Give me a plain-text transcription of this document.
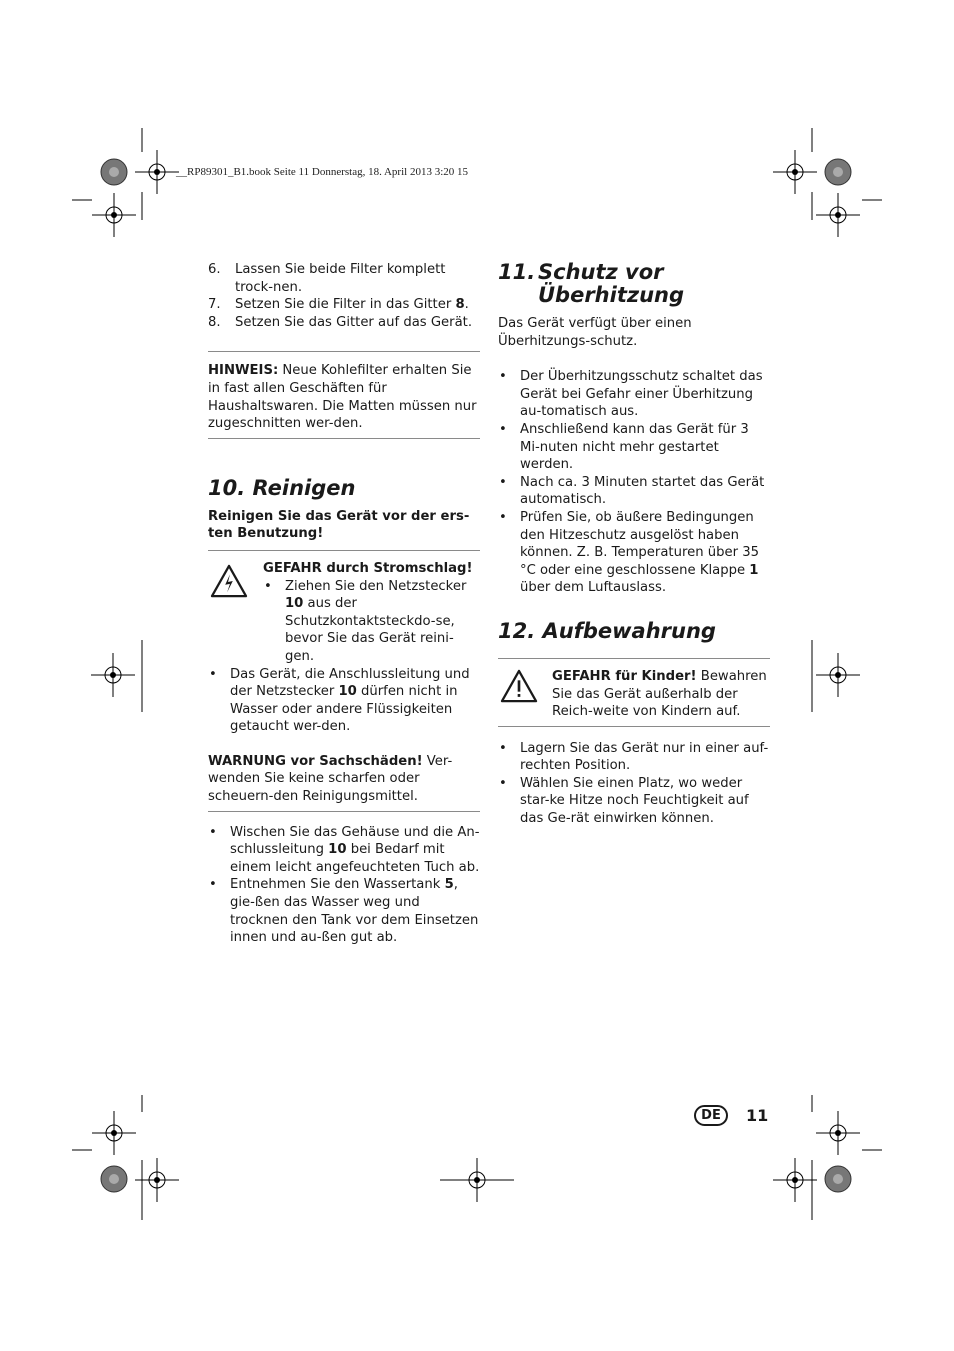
__RP89301_B1.book Seite 11 Donnerstag, 18. April 2013 3:20 15
6. Lassen Sie beide Filter komplett trock-nen.
7. Setzen Sie die Filter in das Gitter 8.
8. Setzen Sie das Gitter auf das Gerät.

HINWEIS: Neue Kohlefilter erhalten Sie in fast allen Geschäften für Haushaltswaren. Die Matten müssen nur zugeschnitten wer-den.

10. Reinigen

Reinigen Sie das Gerät vor der ers-ten Benutzung!

GEFAHR durch Stromschlag!
• Ziehen Sie den Netzstecker 10 aus der Schutzkontaktsteckdo-se, bevor Sie das Gerät reini-gen.
• Das Gerät, die Anschlussleitung und der Netzstecker 10 dürfen nicht in Wasser oder andere Flüssigkeiten getaucht wer-den.

WARNUNG vor Sachschäden! Ver-wenden Sie keine scharfen oder scheuern-den Reinigungsmittel.

• Wischen Sie das Gehäuse und die An-schlussleitung 10 bei Bedarf mit einem leicht angefeuchteten Tuch ab.
• Entnehmen Sie den Wassertank 5, gie-ßen das Wasser weg und trocknen den Tank vor dem Einsetzen innen und au-ßen gut ab.
11. Schutz vor
Überhitzung

Das Gerät verfügt über einen Überhitzungs-schutz.

• Der Überhitzungsschutz schaltet das Gerät bei Gefahr einer Überhitzung au-tomatisch aus.
• Anschließend kann das Gerät für 3 Mi-nuten nicht mehr gestartet werden.
• Nach ca. 3 Minuten startet das Gerät automatisch.
• Prüfen Sie, ob äußere Bedingungen den Hitzeschutz ausgelöst haben können. Z. B. Temperaturen über 35 °C oder eine geschlossene Klappe 1 über dem Luftauslass.
12. Aufbewahrung
GEFAHR für Kinder! Bewahren Sie das Gerät außerhalb der Reich-weite von Kindern auf.
• Lagern Sie das Gerät nur in einer auf-rechten Position.
• Wählen Sie einen Platz, wo weder star-ke Hitze noch Feuchtigkeit auf das Ge-rät einwirken können.
DE	11
